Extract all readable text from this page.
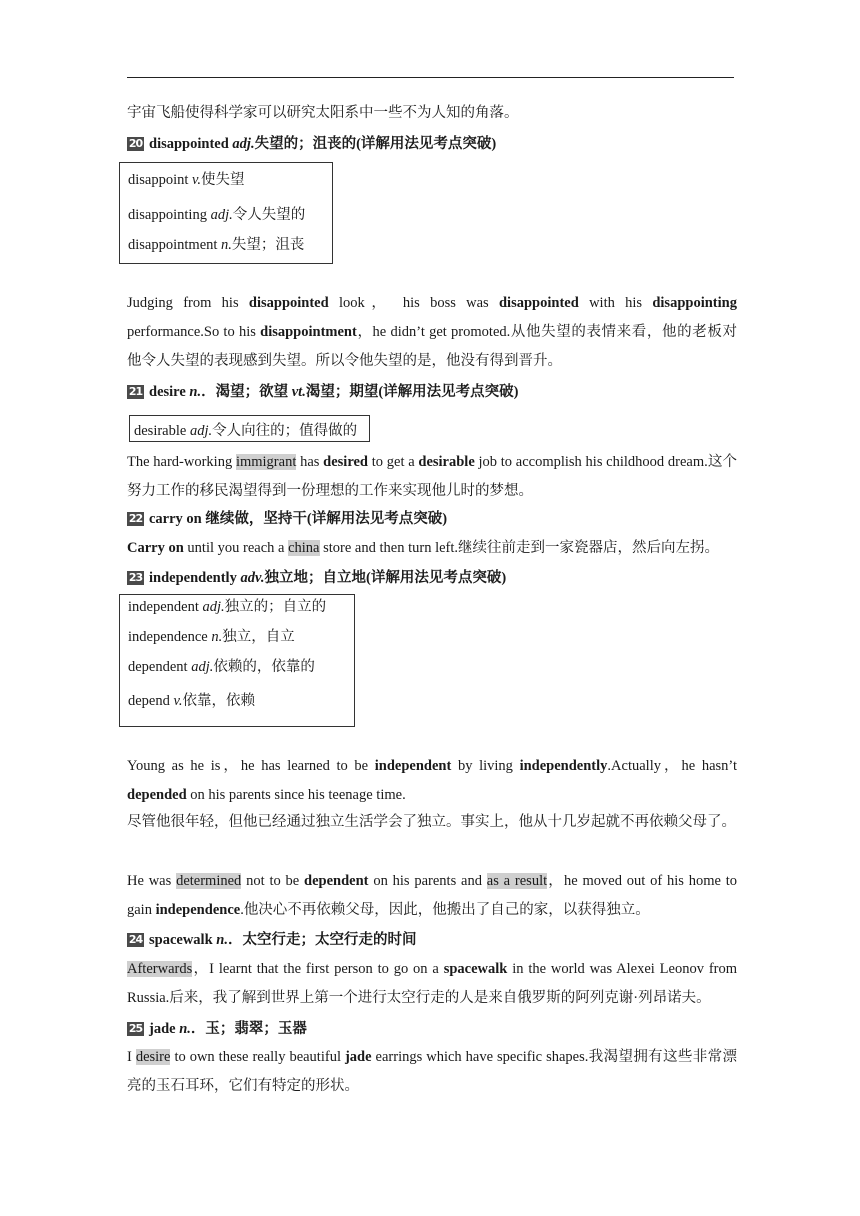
宇宙飞船使得科学家可以研究太阳系中一些不为人知的角落。
20 disappointed adj.失望的；沮丧的(详解用法见考点突破)
disappoint v.使失望
disappointing adj.令人失望的
disappointment n.失望；沮丧
Judging from his disappointed look， his boss was disappointed with his disappointing performance.So to his disappointment，he didn’t get promoted.从他失望的表情来看，他的老板对他令人失望的表现感到失望。所以令他失望的是，他没有得到晋升。
21 desire n.．渴望；欲望 vt.渴望；期望(详解用法见考点突破)
desirable adj.令人向往的；值得做的
The hard-working immigrant has desired to get a desirable job to accomplish his childhood dream.这个努力工作的移民渴望得到一份理想的工作来实现他儿时的梦想。
22 carry on 继续做，坚持干(详解用法见考点突破)
Carry on until you reach a china store and then turn left.继续往前走到一家瓷器店，然后向左拐。
23 independently adv.独立地；自立地(详解用法见考点突破)
independent adj.独立的；自立的
independence n.独立，自立
dependent adj.依赖的，依靠的
depend v.依靠，依赖
Young as he is，he has learned to be independent by living independently.Actually，he hasn’t depended on his parents since his teenage time.
尽管他很年轻，但他已经通过独立生活学会了独立。事实上，他从十几岁起就不再依赖父母了。
He was determined not to be dependent on his parents and as a result，he moved out of his home to gain independence.他决心不再依赖父母，因此，他搬出了自己的家，以获得独立。
24 spacewalk n.．太空行走；太空行走的时间
Afterwards，I learnt that the first person to go on a spacewalk in the world was Alexei Leonov from Russia.后来，我了解到世界上第一个进行太空行走的人是来自俄罗斯的阿列克谢·列昂诺夫。
25 jade n.．玉；翡翠；玉器
I desire to own these really beautiful jade earrings which have specific shapes.我渴望拥有这些非常漂亮的玉石耳环，它们有特定的形状。
